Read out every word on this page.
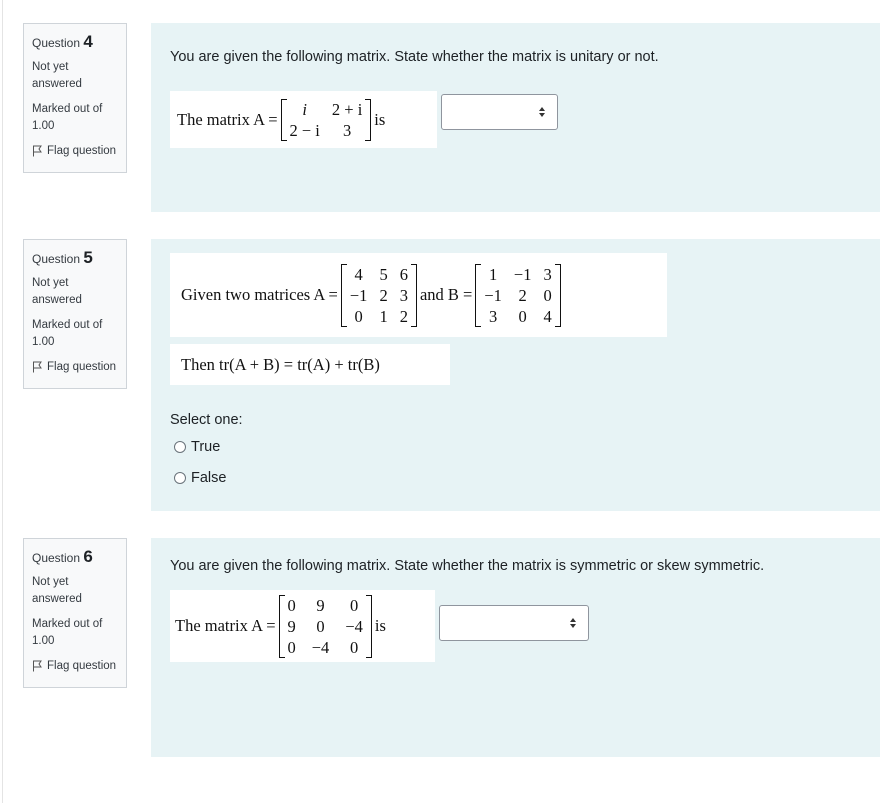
Question 4
Not yet answered
Marked out of 1.00
Flag question
You are given the following matrix. State whether the matrix is unitary or not.
The matrix A =
i	2 + i
2 − i	3
is
Question 5
Not yet answered
Marked out of 1.00
Flag question
Given two matrices A =
4 5 6
−1 2 3
0 1 2
and B =
1 −1 3
−1 2 0
3 0 4
Then tr(A + B) = tr(A) + tr(B)
Select one:
True
False
Question 6
Not yet answered
Marked out of 1.00
Flag question
You are given the following matrix. State whether the matrix is symmetric or skew symmetric.
The matrix A =
0 9 0
9 0 −4
0 −4 0
is
